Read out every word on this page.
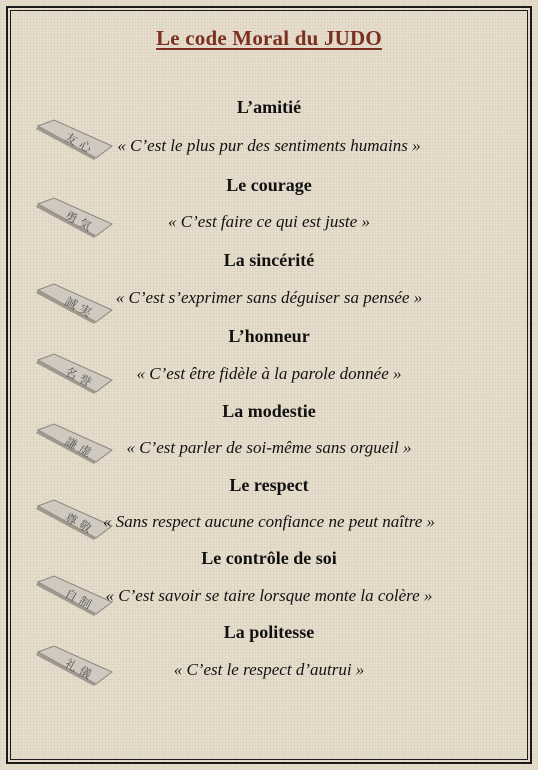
Le code Moral du JUDO
友 心
L’amitié
« C’est le plus pur des sentiments humains »
勇 気
Le courage
« C’est faire ce qui est juste »
誠 実
La sincérité
« C’est s’exprimer sans déguiser sa pensée »
名 誉
L’honneur
« C’est être fidèle à la parole donnée »
謙 虚
La modestie
« C’est parler de soi-même sans orgueil »
尊 敬
Le respect
« Sans respect aucune confiance ne peut naître »
自 制
Le contrôle de soi
« C’est savoir se taire lorsque monte la colère »
礼 儀
La politesse
« C’est le respect d’autrui »
